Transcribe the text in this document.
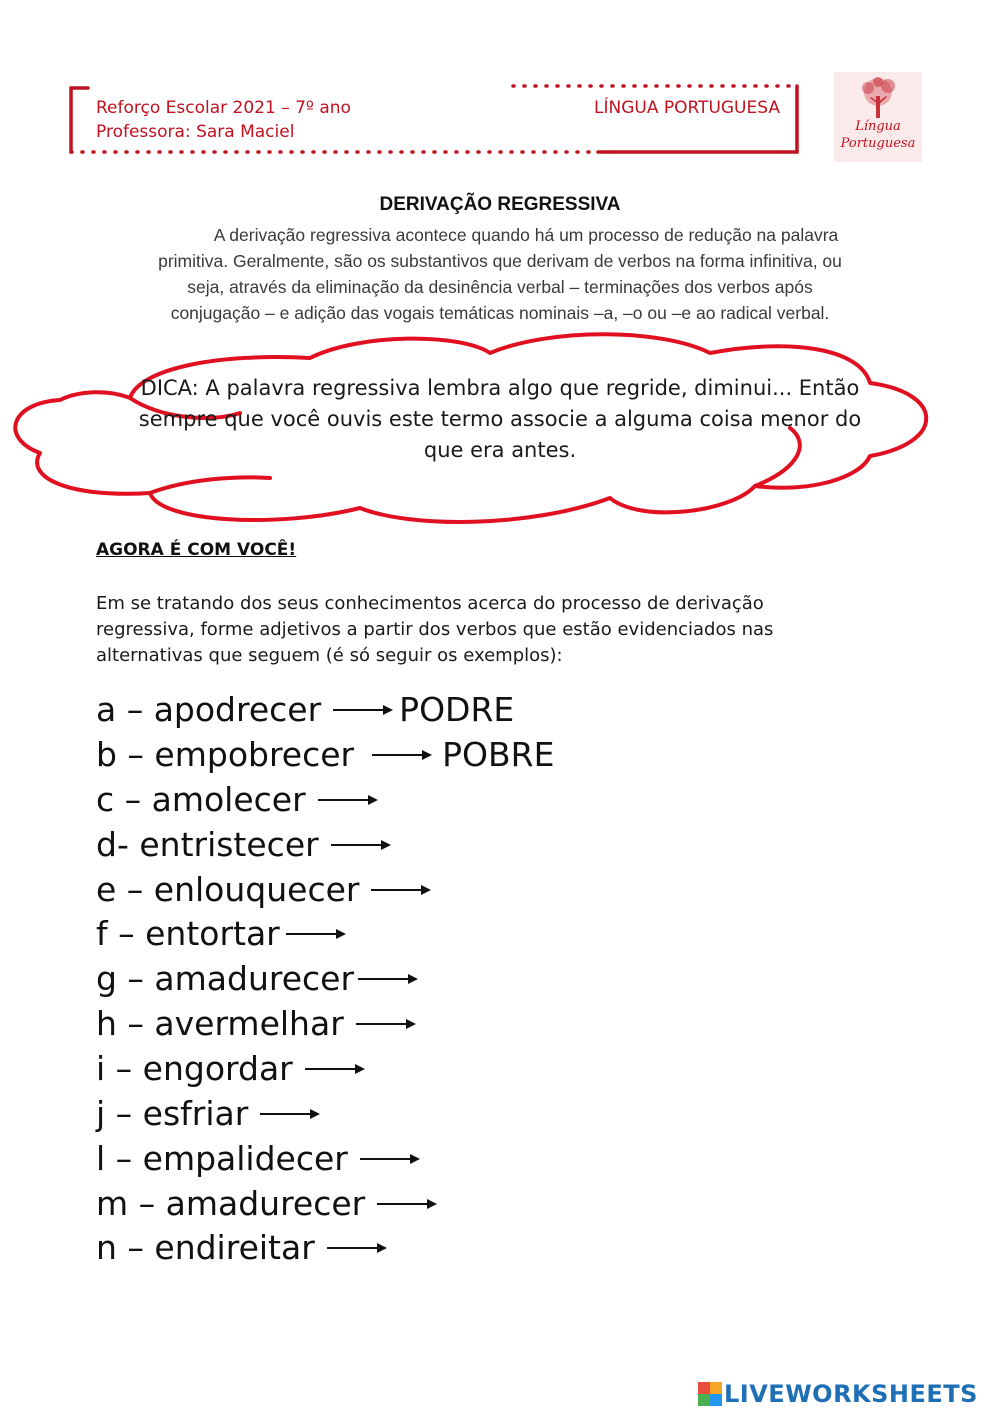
Reforço Escolar 2021 – 7º ano
Professora: Sara Maciel
LÍNGUA PORTUGUESA
Língua
Portuguesa
DERIVAÇÃO REGRESSIVA
A derivação regressiva acontece quando há um processo de redução na palavra
primitiva. Geralmente, são os substantivos que derivam de verbos na forma infinitiva, ou
seja, através da eliminação da desinência verbal – terminações dos verbos após
conjugação – e adição das vogais temáticas nominais –a, –o ou –e ao radical verbal.
DICA: A palavra regressiva lembra algo que regride, diminui... Então
sempre que você ouvis este termo associe a alguma coisa menor do
que era antes.
AGORA É COM VOCÊ!
Em se tratando dos seus conhecimentos acerca do processo de derivação
regressiva, forme adjetivos a partir dos verbos que estão evidenciados nas
alternativas que seguem (é só seguir os exemplos):
a – apodrecer PODRE
b – empobrecer	POBRE
c – amolecer
d- entristecer
e – enlouquecer
f – entortar
g – amadurecer
h – avermelhar
i – engordar
j – esfriar
l – empalidecer
m – amadurecer
n – endireitar
LIVEWORKSHEETS
